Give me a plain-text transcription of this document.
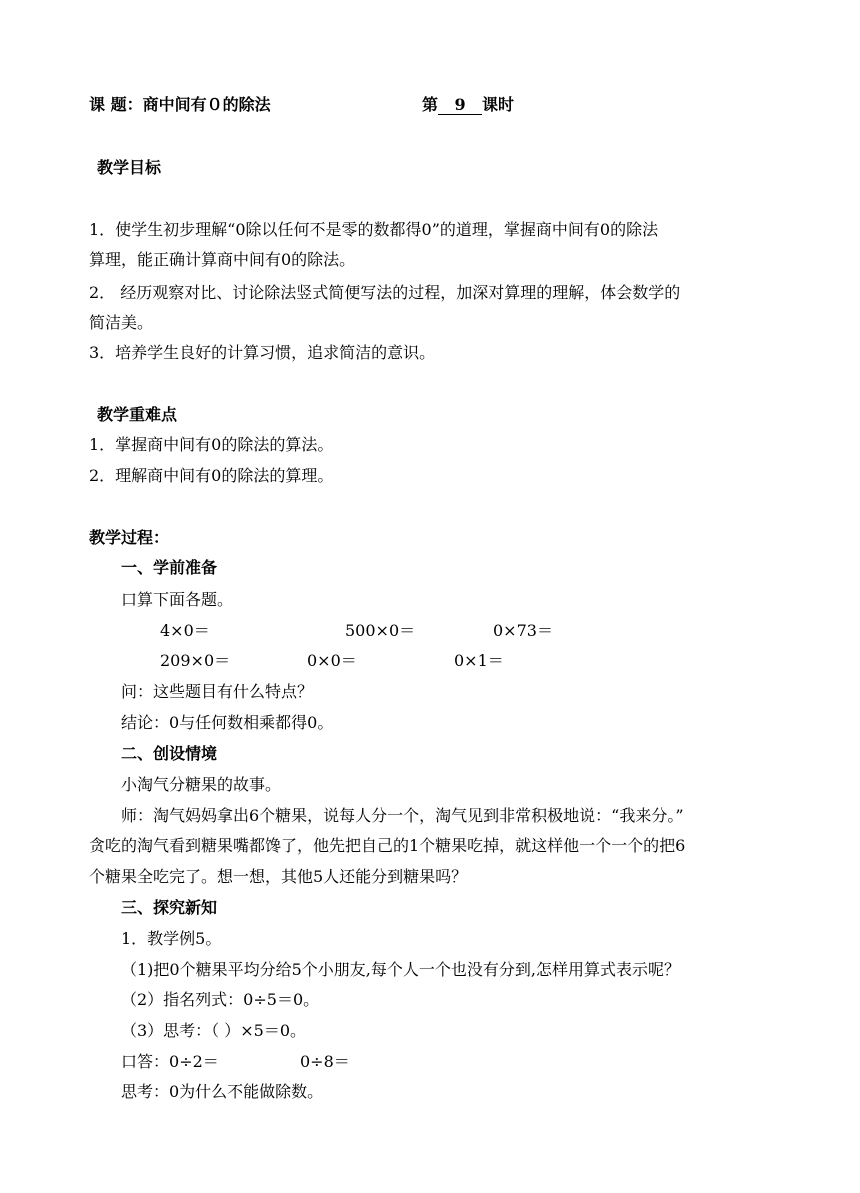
课 题：商中间有０的除法	第 9 课时
教学目标
1．使学生初步理解“0除以任何不是零的数都得0”的道理，掌握商中间有0的除法
算理，能正确计算商中间有0的除法。
2． 经历观察对比、讨论除法竖式简便写法的过程，加深对算理的理解，体会数学的
简洁美。
3．培养学生良好的计算习惯，追求简洁的意识。
教学重难点
1．掌握商中间有0的除法的算法。
2．理解商中间有0的除法的算理。
教学过程：
一、学前准备
口算下面各题。
4×0＝	500×0＝	0×73＝
209×0＝	0×0＝	0×1＝
问：这些题目有什么特点？
结论：0与任何数相乘都得0。
二、创设情境
小淘气分糖果的故事。
师：淘气妈妈拿出6个糖果，说每人分一个，淘气见到非常积极地说：“我来分。”
贪吃的淘气看到糖果嘴都馋了，他先把自己的1个糖果吃掉，就这样他一个一个的把6
个糖果全吃完了。想一想，其他5人还能分到糖果吗？
三、探究新知
1．教学例5。
（1)把0个糖果平均分给5个小朋友,每个人一个也没有分到,怎样用算式表示呢？
（2）指名列式：0÷5＝0。
（3）思考：（ ）×5＝0。
口答：0÷2＝	0÷8＝
思考：0为什么不能做除数。
